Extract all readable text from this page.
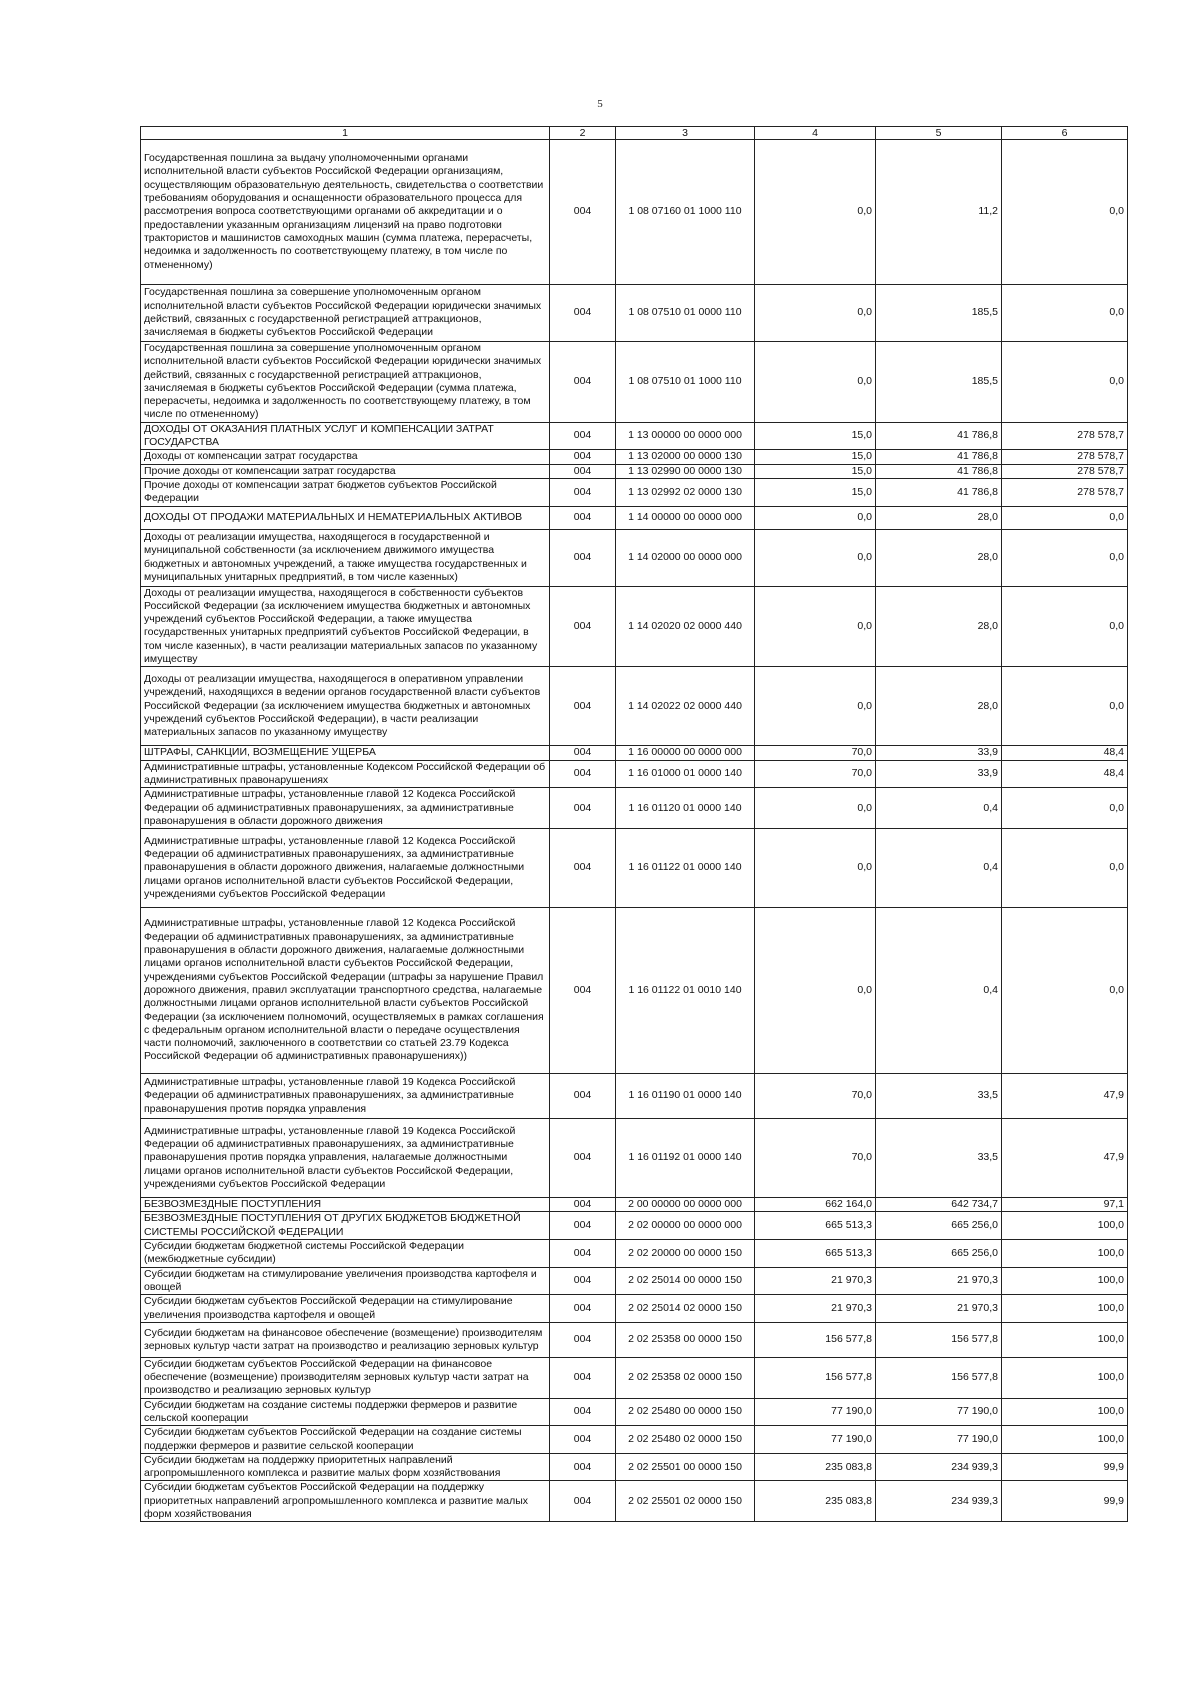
5
1	2	3	4	5	6
Государственная пошлина за выдачу уполномоченными органами исполнительной власти субъектов Российской Федерации организациям, осуществляющим образовательную деятельность, свидетельства о соответствии требованиям оборудования и оснащенности образовательного процесса для рассмотрения вопроса соответствующими органами об аккредитации и о предоставлении указанным организациям лицензий на право подготовки трактористов и машинистов самоходных машин (сумма платежа, перерасчеты, недоимка и задолженность по соответствующему платежу, в том числе по отмененному)	004	1 08 07160 01 1000 110	0,0	11,2	0,0
Государственная пошлина за совершение уполномоченным органом исполнительной власти субъектов Российской Федерации юридически значимых действий, связанных с государственной регистрацией аттракционов, зачисляемая в бюджеты субъектов Российской Федерации	004	1 08 07510 01 0000 110	0,0	185,5	0,0
Государственная пошлина за совершение уполномоченным органом исполнительной власти субъектов Российской Федерации юридически значимых действий, связанных с государственной регистрацией аттракционов, зачисляемая в бюджеты субъектов Российской Федерации (сумма платежа, перерасчеты, недоимка и задолженность по соответствующему платежу, в том числе по отмененному)	004	1 08 07510 01 1000 110	0,0	185,5	0,0
ДОХОДЫ ОТ ОКАЗАНИЯ ПЛАТНЫХ УСЛУГ И КОМПЕНСАЦИИ ЗАТРАТ ГОСУДАРСТВА	004	1 13 00000 00 0000 000	15,0	41 786,8	278 578,7
Доходы от компенсации затрат государства	004	1 13 02000 00 0000 130	15,0	41 786,8	278 578,7
Прочие доходы от компенсации затрат государства	004	1 13 02990 00 0000 130	15,0	41 786,8	278 578,7
Прочие доходы от компенсации затрат бюджетов субъектов Российской Федерации	004	1 13 02992 02 0000 130	15,0	41 786,8	278 578,7
ДОХОДЫ ОТ ПРОДАЖИ МАТЕРИАЛЬНЫХ И НЕМАТЕРИАЛЬНЫХ АКТИВОВ	004	1 14 00000 00 0000 000	0,0	28,0	0,0
Доходы от реализации имущества, находящегося в государственной и муниципальной собственности (за исключением движимого имущества бюджетных и автономных учреждений, а также имущества государственных и муниципальных унитарных предприятий, в том числе казенных)	004	1 14 02000 00 0000 000	0,0	28,0	0,0
Доходы от реализации имущества, находящегося в собственности субъектов Российской Федерации (за исключением имущества бюджетных и автономных учреждений субъектов Российской Федерации, а также имущества государственных унитарных предприятий субъектов Российской Федерации, в том числе казенных), в части реализации материальных запасов по указанному имуществу	004	1 14 02020 02 0000 440	0,0	28,0	0,0
Доходы от реализации имущества, находящегося в оперативном управлении учреждений, находящихся в ведении органов государственной власти субъектов Российской Федерации (за исключением имущества бюджетных и автономных учреждений субъектов Российской Федерации), в части реализации материальных запасов по указанному имуществу	004	1 14 02022 02 0000 440	0,0	28,0	0,0
ШТРАФЫ, САНКЦИИ, ВОЗМЕЩЕНИЕ УЩЕРБА	004	1 16 00000 00 0000 000	70,0	33,9	48,4
Административные штрафы, установленные Кодексом Российской Федерации об административных правонарушениях	004	1 16 01000 01 0000 140	70,0	33,9	48,4
Административные штрафы, установленные главой 12 Кодекса Российской Федерации об административных правонарушениях, за административные правонарушения в области дорожного движения	004	1 16 01120 01 0000 140	0,0	0,4	0,0
Административные штрафы, установленные главой 12 Кодекса Российской Федерации об административных правонарушениях, за административные правонарушения в области дорожного движения, налагаемые должностными лицами органов исполнительной власти субъектов Российской Федерации, учреждениями субъектов Российской Федерации	004	1 16 01122 01 0000 140	0,0	0,4	0,0
Административные штрафы, установленные главой 12 Кодекса Российской Федерации об административных правонарушениях, за административные правонарушения в области дорожного движения, налагаемые должностными лицами органов исполнительной власти субъектов Российской Федерации, учреждениями субъектов Российской Федерации (штрафы за нарушение Правил дорожного движения, правил эксплуатации транспортного средства, налагаемые должностными лицами органов исполнительной власти субъектов Российской Федерации (за исключением полномочий, осуществляемых в рамках соглашения с федеральным органом исполнительной власти о передаче осуществления части полномочий, заключенного в соответствии со статьей 23.79 Кодекса Российской Федерации об административных правонарушениях))	004	1 16 01122 01 0010 140	0,0	0,4	0,0
Административные штрафы, установленные главой 19 Кодекса Российской Федерации об административных правонарушениях, за административные правонарушения против порядка управления	004	1 16 01190 01 0000 140	70,0	33,5	47,9
Административные штрафы, установленные главой 19 Кодекса Российской Федерации об административных правонарушениях, за административные правонарушения против порядка управления, налагаемые должностными лицами органов исполнительной власти субъектов Российской Федерации, учреждениями субъектов Российской Федерации	004	1 16 01192 01 0000 140	70,0	33,5	47,9
БЕЗВОЗМЕЗДНЫЕ ПОСТУПЛЕНИЯ	004	2 00 00000 00 0000 000	662 164,0	642 734,7	97,1
БЕЗВОЗМЕЗДНЫЕ ПОСТУПЛЕНИЯ ОТ ДРУГИХ БЮДЖЕТОВ БЮДЖЕТНОЙ СИСТЕМЫ РОССИЙСКОЙ ФЕДЕРАЦИИ	004	2 02 00000 00 0000 000	665 513,3	665 256,0	100,0
Субсидии бюджетам бюджетной системы Российской Федерации (межбюджетные субсидии)	004	2 02 20000 00 0000 150	665 513,3	665 256,0	100,0
Субсидии бюджетам на стимулирование увеличения производства картофеля и овощей	004	2 02 25014 00 0000 150	21 970,3	21 970,3	100,0
Субсидии бюджетам субъектов Российской Федерации на стимулирование увеличения производства картофеля и овощей	004	2 02 25014 02 0000 150	21 970,3	21 970,3	100,0
Субсидии бюджетам на финансовое обеспечение (возмещение) производителям зерновых культур части затрат на производство и реализацию зерновых культур	004	2 02 25358 00 0000 150	156 577,8	156 577,8	100,0
Субсидии бюджетам субъектов Российской Федерации на финансовое обеспечение (возмещение) производителям зерновых культур части затрат на производство и реализацию зерновых культур	004	2 02 25358 02 0000 150	156 577,8	156 577,8	100,0
Субсидии бюджетам на создание системы поддержки фермеров и развитие сельской кооперации	004	2 02 25480 00 0000 150	77 190,0	77 190,0	100,0
Субсидии бюджетам субъектов Российской Федерации на создание системы поддержки фермеров и развитие сельской кооперации	004	2 02 25480 02 0000 150	77 190,0	77 190,0	100,0
Субсидии бюджетам на поддержку приоритетных направлений агропромышленного комплекса и развитие малых форм хозяйствования	004	2 02 25501 00 0000 150	235 083,8	234 939,3	99,9
Субсидии бюджетам субъектов Российской Федерации на поддержку приоритетных направлений агропромышленного комплекса и развитие малых форм хозяйствования	004	2 02 25501 02 0000 150	235 083,8	234 939,3	99,9
